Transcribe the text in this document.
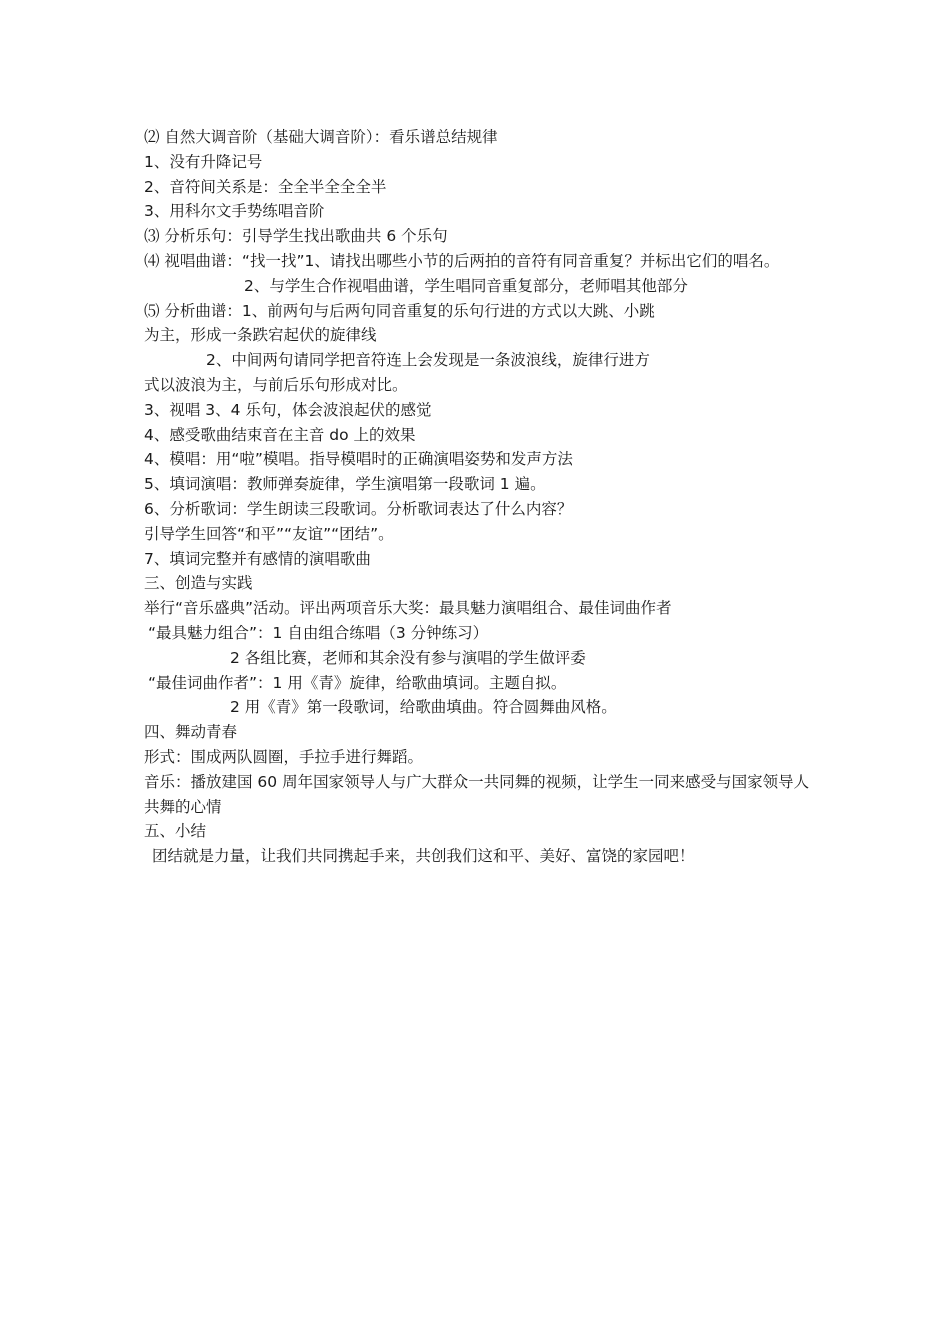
⑵ 自然大调音阶（基础大调音阶）：看乐谱总结规律

1、没有升降记号

2、音符间关系是：全全半全全全半

3、用科尔文手势练唱音阶

⑶ 分析乐句：引导学生找出歌曲共 6 个乐句

⑷ 视唱曲谱：“找一找”1、请找出哪些小节的后两拍的音符有同音重复？并标出它们的唱名。

2、与学生合作视唱曲谱，学生唱同音重复部分，老师唱其他部分

⑸ 分析曲谱：1、前两句与后两句同音重复的乐句行进的方式以大跳、小跳

为主，形成一条跌宕起伏的旋律线

2、中间两句请同学把音符连上会发现是一条波浪线，旋律行进方

式以波浪为主，与前后乐句形成对比。

3、视唱 3、4 乐句，体会波浪起伏的感觉

4、感受歌曲结束音在主音 do 上的效果

4、模唱：用“啦”模唱。指导模唱时的正确演唱姿势和发声方法

5、填词演唱：教师弹奏旋律，学生演唱第一段歌词 1 遍。

6、分析歌词：学生朗读三段歌词。分析歌词表达了什么内容？

引导学生回答“和平”“友谊”“团结”。

7、填词完整并有感情的演唱歌曲

三、创造与实践

举行“音乐盛典”活动。评出两项音乐大奖：最具魅力演唱组合、最佳词曲作者

“最具魅力组合”：1 自由组合练唱（3 分钟练习）

2 各组比赛，老师和其余没有参与演唱的学生做评委

“最佳词曲作者”：1 用《青》旋律，给歌曲填词。主题自拟。

2 用《青》第一段歌词，给歌曲填曲。符合圆舞曲风格。

四、舞动青春

形式：围成两队圆圈，手拉手进行舞蹈。

音乐：播放建国 60 周年国家领导人与广大群众一共同舞的视频，让学生一同来感受与国家领导人共舞的心情

五、小结

团结就是力量，让我们共同携起手来，共创我们这和平、美好、富饶的家园吧！
